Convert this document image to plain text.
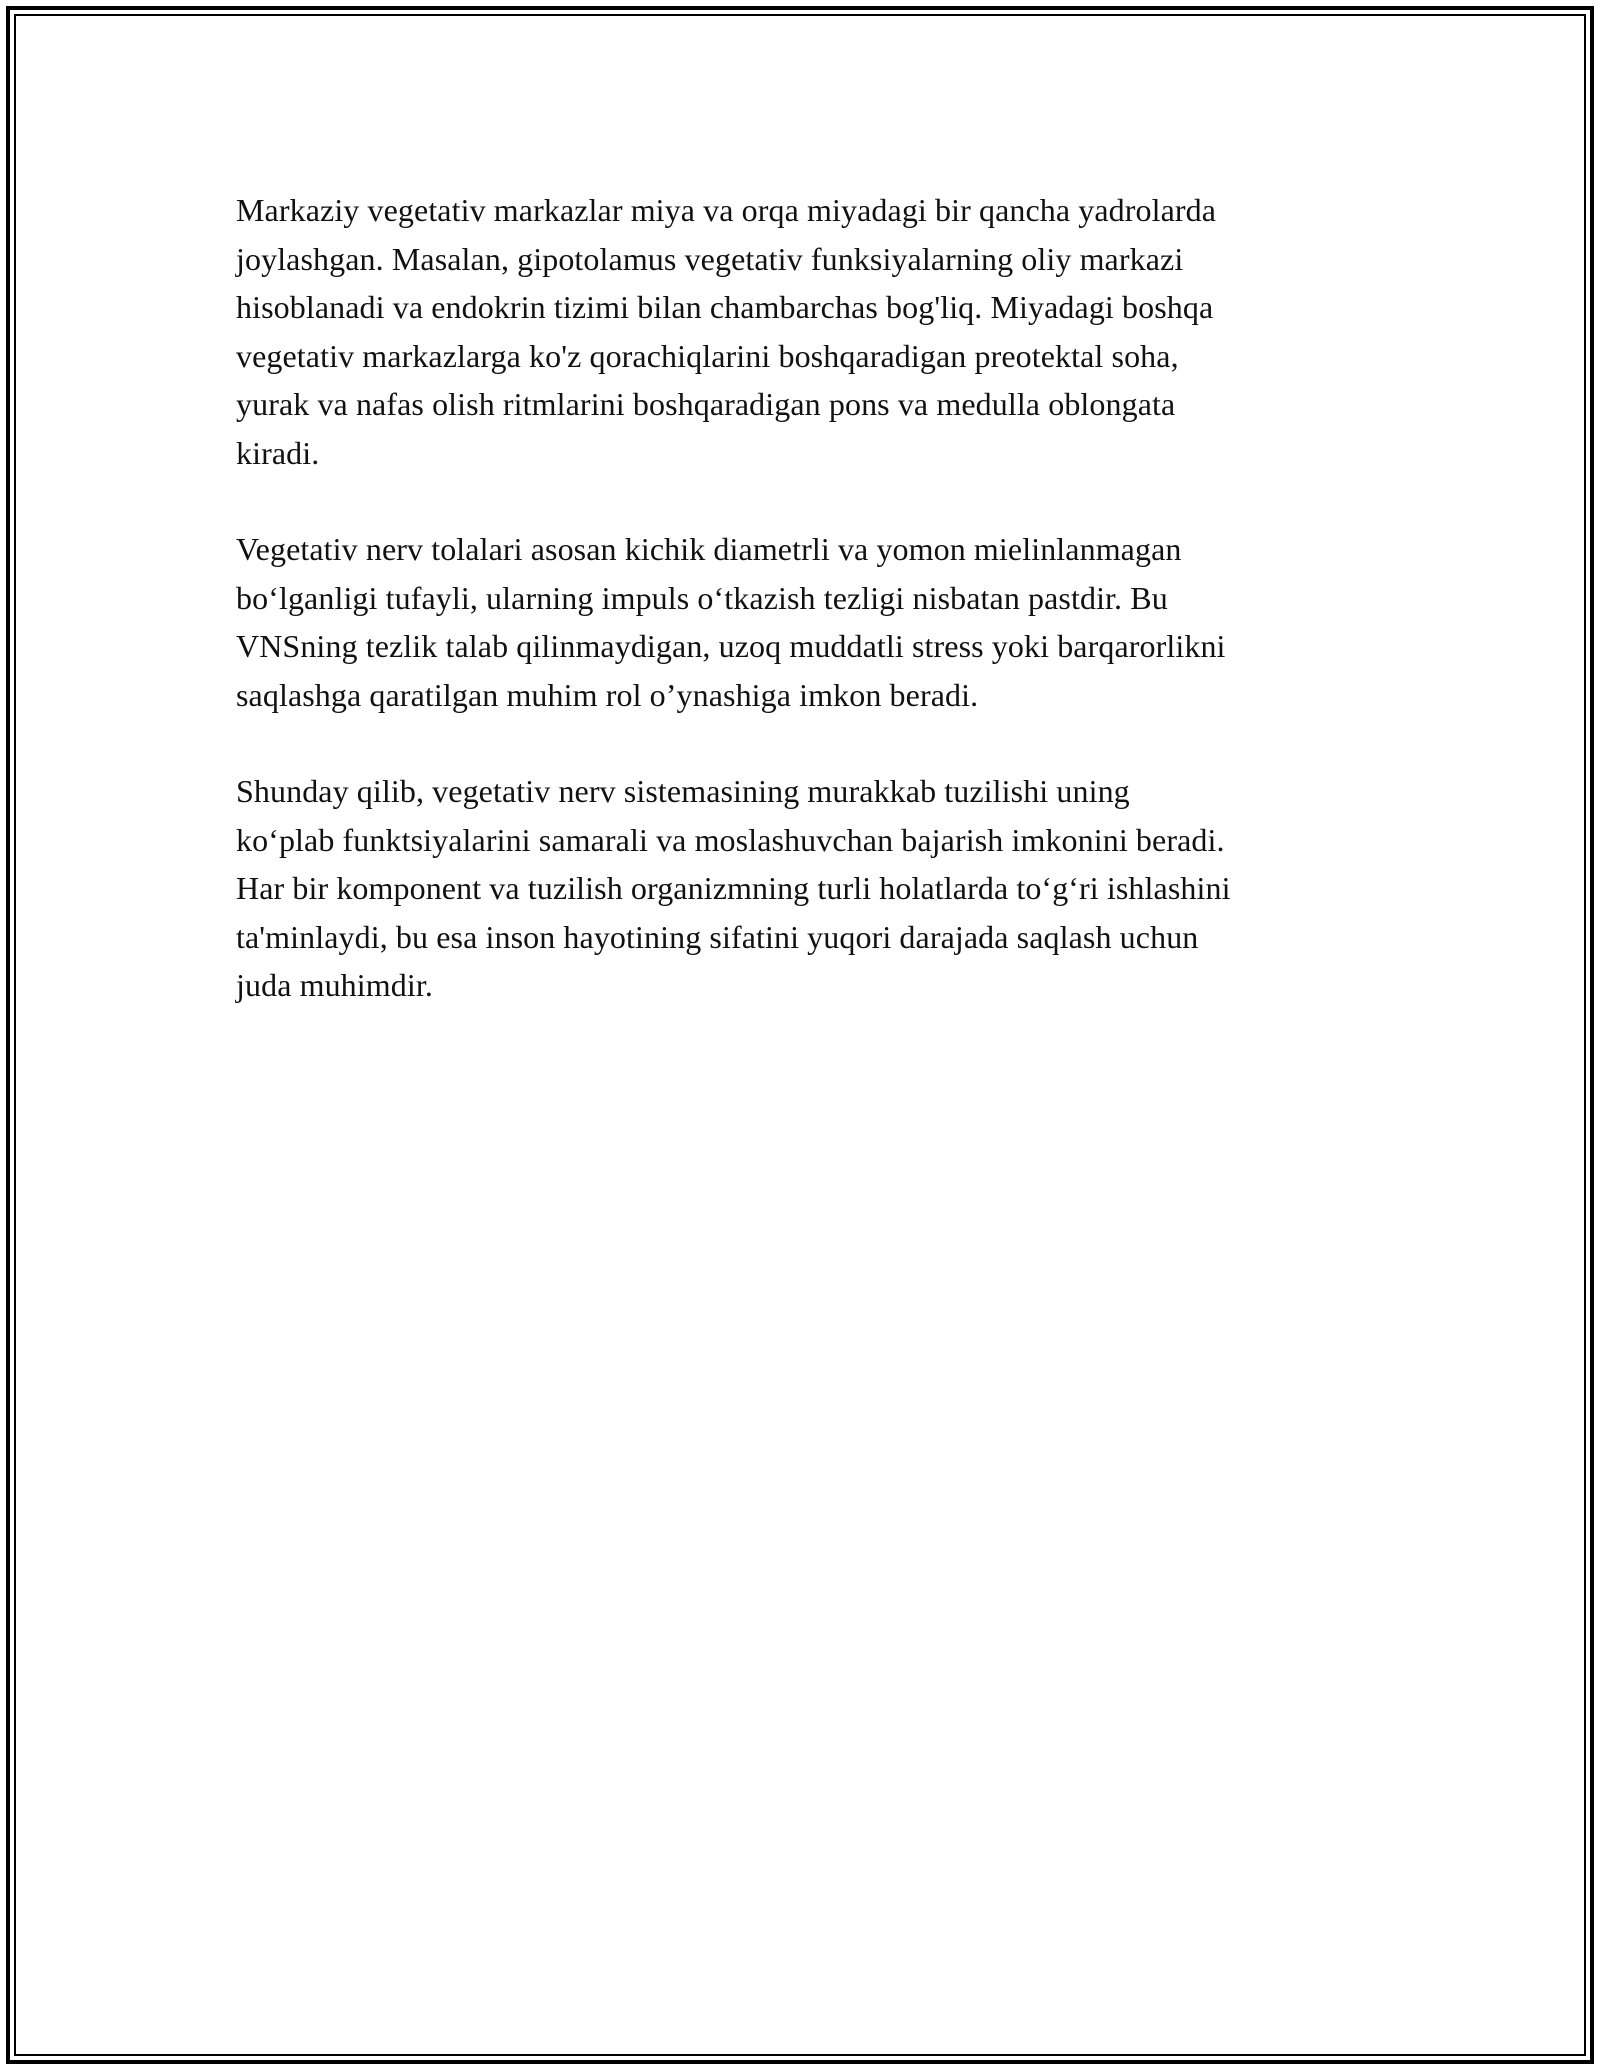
Markaziy vegetativ markazlar miya va orqa miyadagi bir qancha yadrolarda
joylashgan. Masalan, gipotolamus vegetativ funksiyalarning oliy markazi
hisoblanadi va endokrin tizimi bilan chambarchas bog'liq. Miyadagi boshqa
vegetativ markazlarga ko'z qorachiqlarini boshqaradigan preotektal soha,
yurak va nafas olish ritmlarini boshqaradigan pons va medulla oblongata
kiradi.

Vegetativ nerv tolalari asosan kichik diametrli va yomon mielinlanmagan
bo‘lganligi tufayli, ularning impuls o‘tkazish tezligi nisbatan pastdir. Bu
VNSning tezlik talab qilinmaydigan, uzoq muddatli stress yoki barqarorlikni
saqlashga qaratilgan muhim rol o’ynashiga imkon beradi.

Shunday qilib, vegetativ nerv sistemasining murakkab tuzilishi uning
ko‘plab funktsiyalarini samarali va moslashuvchan bajarish imkonini beradi.
Har bir komponent va tuzilish organizmning turli holatlarda to‘g‘ri ishlashini
ta'minlaydi, bu esa inson hayotining sifatini yuqori darajada saqlash uchun
juda muhimdir.
